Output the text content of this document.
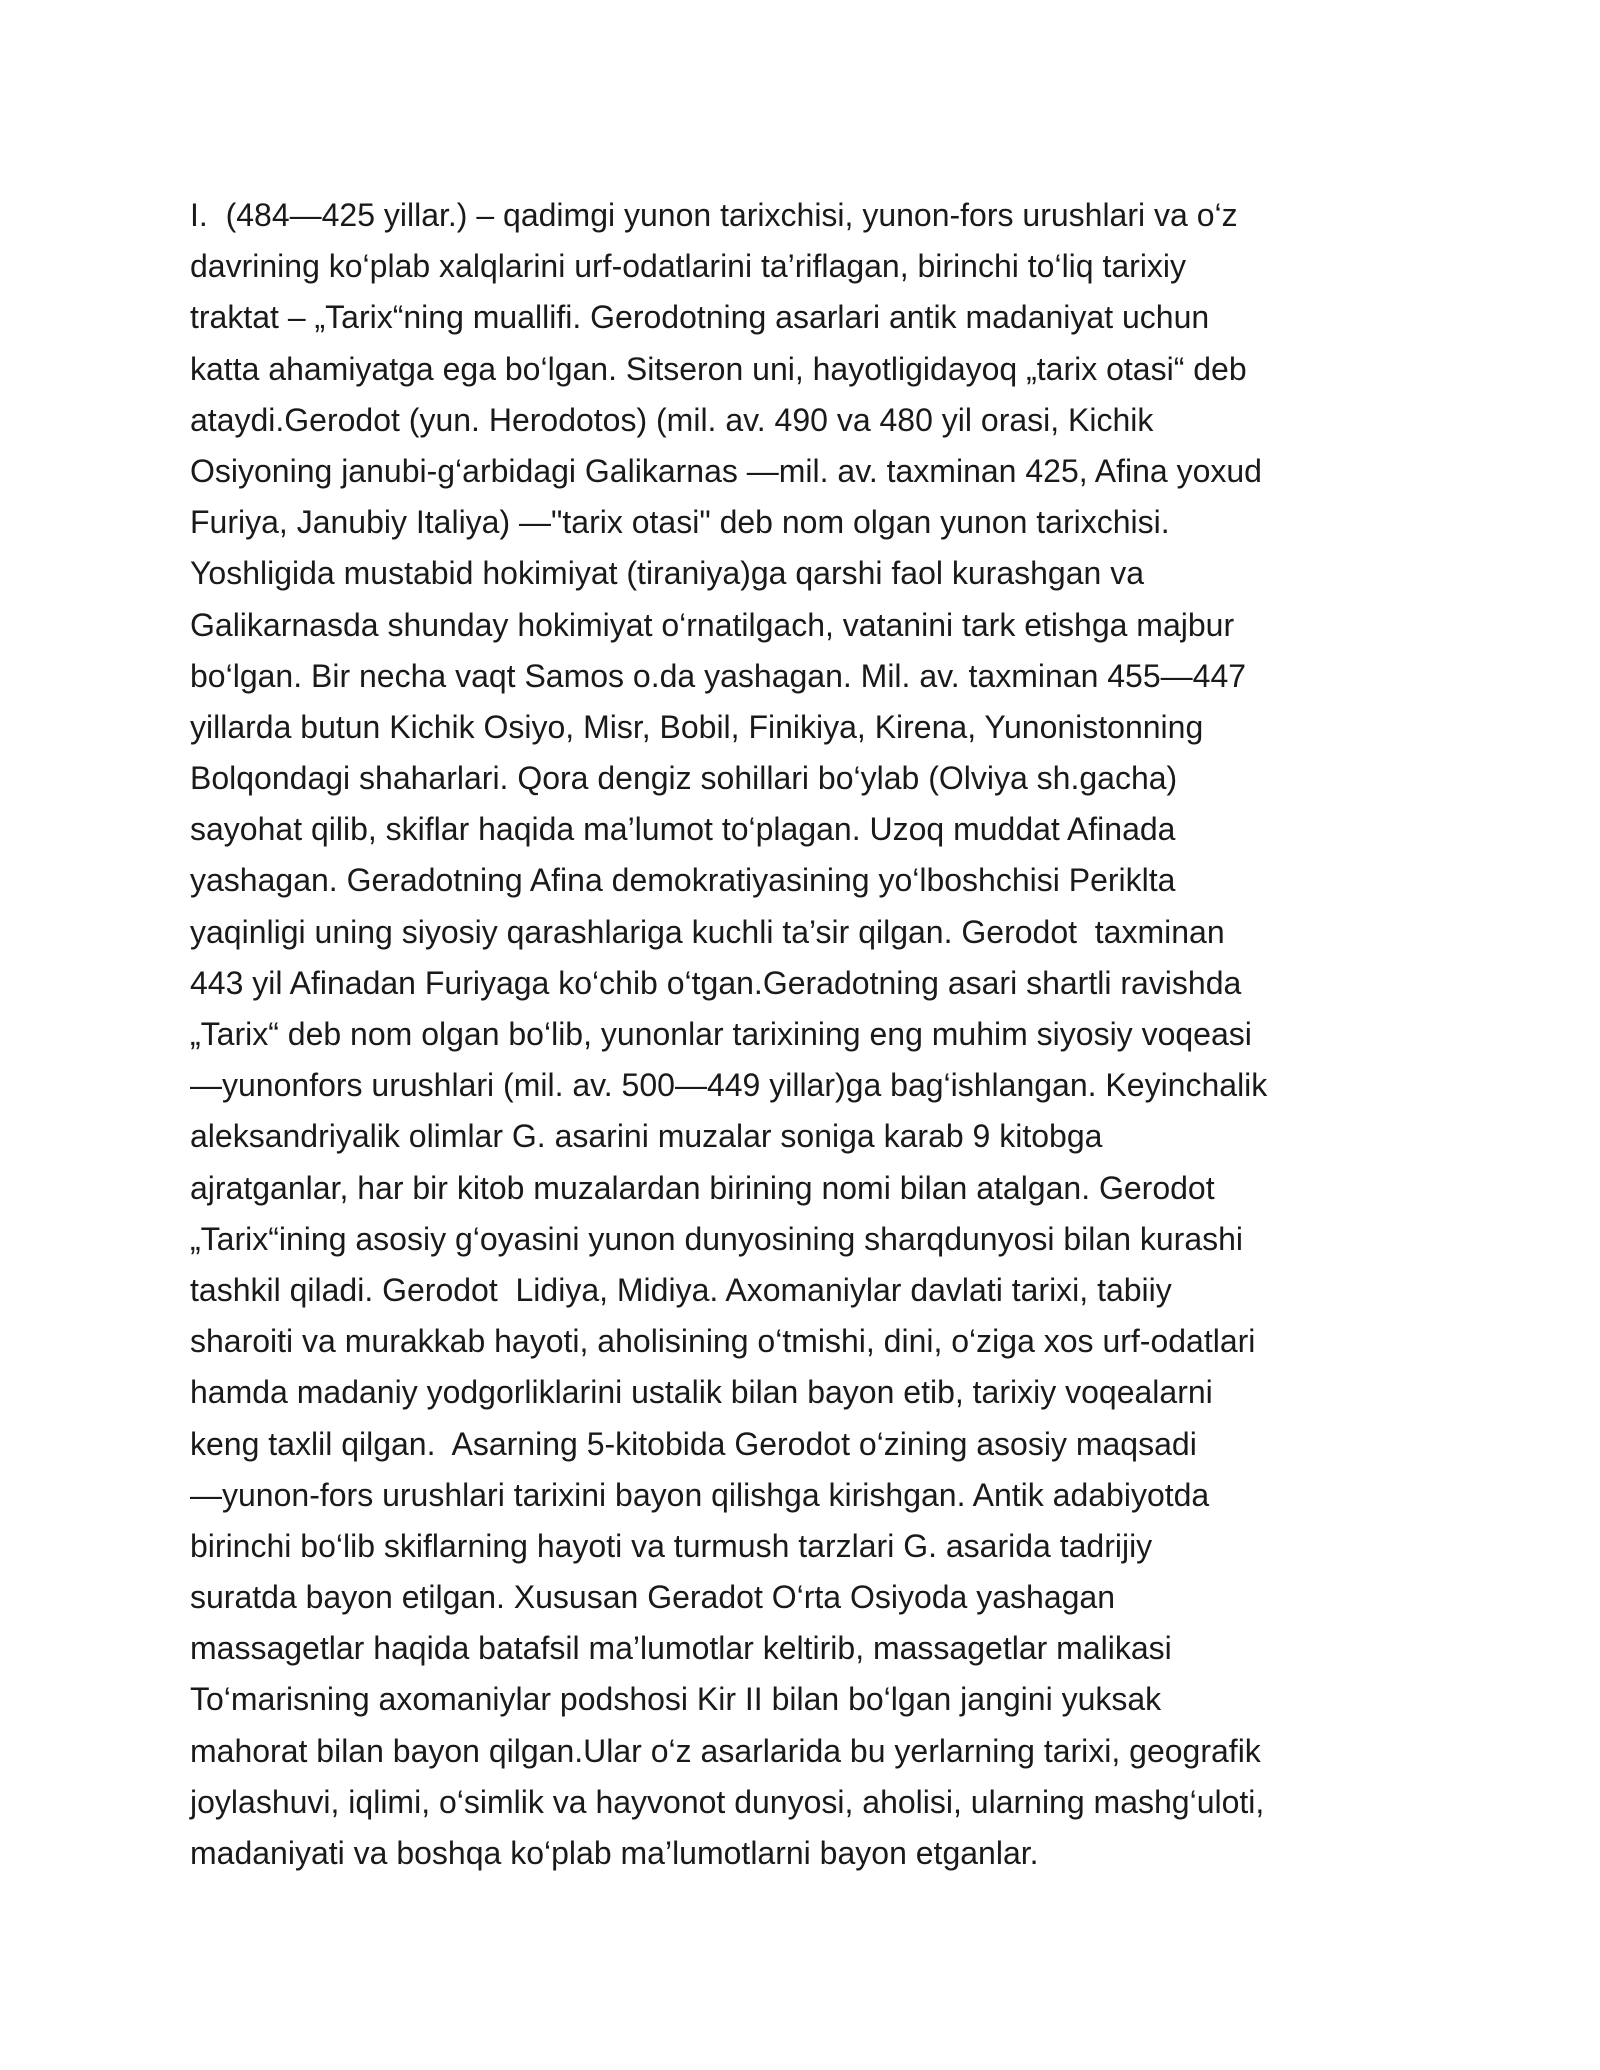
I.  (484—425 yillar.) – qadimgi yunon tarixchisi, yunon-fors urushlari va o‘z
davrining ko‘plab xalqlarini urf-odatlarini ta’riflagan, birinchi to‘liq tarixiy
traktat – „Tarix“ning muallifi. Gerodotning asarlari antik madaniyat uchun
katta ahamiyatga ega bo‘lgan. Sitseron uni, hayotligidayoq „tarix otasi“ deb
ataydi.Gerodot (yun. Herodotos) (mil. av. 490 va 480 yil orasi, Kichik
Osiyoning janubi-g‘arbidagi Galikarnas —mil. av. taxminan 425, Afina yoxud
Furiya, Janubiy Italiya) —"tarix otasi" deb nom olgan yunon tarixchisi.
Yoshligida mustabid hokimiyat (tiraniya)ga qarshi faol kurashgan va
Galikarnasda shunday hokimiyat o‘rnatilgach, vatanini tark etishga majbur
bo‘lgan. Bir necha vaqt Samos o.da yashagan. Mil. av. taxminan 455—447
yillarda butun Kichik Osiyo, Misr, Bobil, Finikiya, Kirena, Yunonistonning
Bolqondagi shaharlari. Qora dengiz sohillari bo‘ylab (Olviya sh.gacha)
sayohat qilib, skiflar haqida ma’lumot to‘plagan. Uzoq muddat Afinada
yashagan. Geradotning Afina demokratiyasining yo‘lboshchisi Periklta
yaqinligi uning siyosiy qarashlariga kuchli ta’sir qilgan. Gerodot  taxminan
443 yil Afinadan Furiyaga ko‘chib o‘tgan.Geradotning asari shartli ravishda
„Tarix“ deb nom olgan bo‘lib, yunonlar tarixining eng muhim siyosiy voqeasi
—yunonfors urushlari (mil. av. 500—449 yillar)ga bag‘ishlangan. Keyinchalik
aleksandriyalik olimlar G. asarini muzalar soniga karab 9 kitobga
ajratganlar, har bir kitob muzalardan birining nomi bilan atalgan. Gerodot
„Tarix“ining asosiy g‘oyasini yunon dunyosining sharqdunyosi bilan kurashi
tashkil qiladi. Gerodot  Lidiya, Midiya. Axomaniylar davlati tarixi, tabiiy
sharoiti va murakkab hayoti, aholisining o‘tmishi, dini, o‘ziga xos urf-odatlari
hamda madaniy yodgorliklarini ustalik bilan bayon etib, tarixiy voqealarni
keng taxlil qilgan.  Asarning 5-kitobida Gerodot o‘zining asosiy maqsadi
—yunon-fors urushlari tarixini bayon qilishga kirishgan. Antik adabiyotda
birinchi bo‘lib skiflarning hayoti va turmush tarzlari G. asarida tadrijiy
suratda bayon etilgan. Xususan Geradot O‘rta Osiyoda yashagan
massagetlar haqida batafsil ma’lumotlar keltirib, massagetlar malikasi
To‘marisning axomaniylar podshosi Kir II bilan bo‘lgan jangini yuksak
mahorat bilan bayon qilgan.Ular o‘z asarlarida bu yerlarning tarixi, geografik
joylashuvi, iqlimi, o‘simlik va hayvonot dunyosi, aholisi, ularning mashg‘uloti,
madaniyati va boshqa ko‘plab ma’lumotlarni bayon etganlar.
